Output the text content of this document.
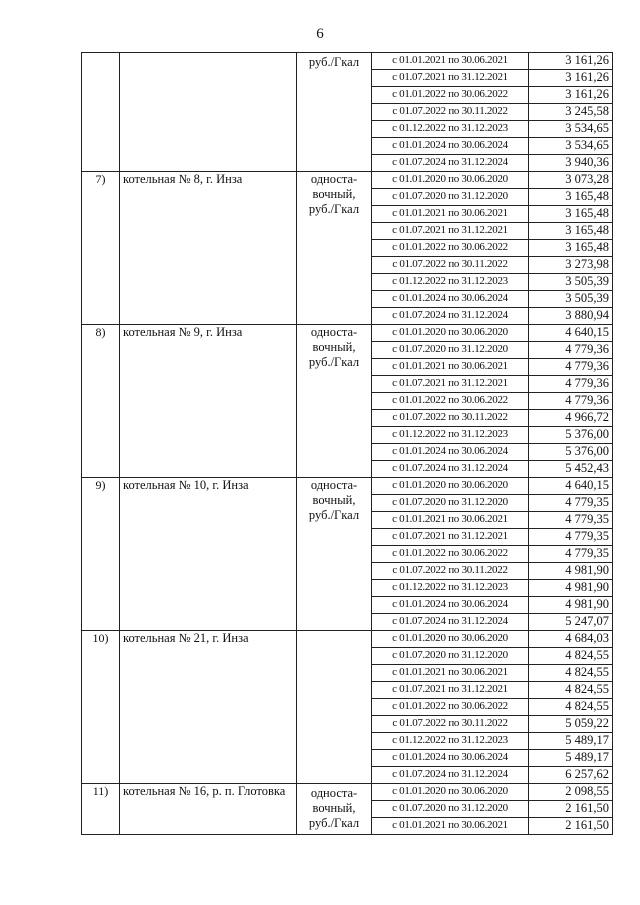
6
		руб./Гкал	с 01.01.2021 по 30.06.2021	3 161,26
			с 01.07.2021 по 31.12.2021	3 161,26
			с 01.01.2022 по 30.06.2022	3 161,26
			с 01.07.2022 по 30.11.2022	3 245,58
			с 01.12.2022 по 31.12.2023	3 534,65
			с 01.01.2024 по 30.06.2024	3 534,65
			с 01.07.2024 по 31.12.2024	3 940,36
7)	котельная № 8, г. Инза	односта-вочный, руб./Гкал	с 01.01.2020 по 30.06.2020	3 073,28
			с 01.07.2020 по 31.12.2020	3 165,48
			с 01.01.2021 по 30.06.2021	3 165,48
			с 01.07.2021 по 31.12.2021	3 165,48
			с 01.01.2022 по 30.06.2022	3 165,48
			с 01.07.2022 по 30.11.2022	3 273,98
			с 01.12.2022 по 31.12.2023	3 505,39
			с 01.01.2024 по 30.06.2024	3 505,39
			с 01.07.2024 по 31.12.2024	3 880,94
8)	котельная № 9, г. Инза	односта-вочный, руб./Гкал	с 01.01.2020 по 30.06.2020	4 640,15
			с 01.07.2020 по 31.12.2020	4 779,36
			с 01.01.2021 по 30.06.2021	4 779,36
			с 01.07.2021 по 31.12.2021	4 779,36
			с 01.01.2022 по 30.06.2022	4 779,36
			с 01.07.2022 по 30.11.2022	4 966,72
			с 01.12.2022 по 31.12.2023	5 376,00
			с 01.01.2024 по 30.06.2024	5 376,00
			с 01.07.2024 по 31.12.2024	5 452,43
9)	котельная № 10, г. Инза	односта-вочный, руб./Гкал	с 01.01.2020 по 30.06.2020	4 640,15
			с 01.07.2020 по 31.12.2020	4 779,35
			с 01.01.2021 по 30.06.2021	4 779,35
			с 01.07.2021 по 31.12.2021	4 779,35
			с 01.01.2022 по 30.06.2022	4 779,35
			с 01.07.2022 по 30.11.2022	4 981,90
			с 01.12.2022 по 31.12.2023	4 981,90
			с 01.01.2024 по 30.06.2024	4 981,90
			с 01.07.2024 по 31.12.2024	5 247,07
10)	котельная № 21, г. Инза		с 01.01.2020 по 30.06.2020	4 684,03
			с 01.07.2020 по 31.12.2020	4 824,55
			с 01.01.2021 по 30.06.2021	4 824,55
			с 01.07.2021 по 31.12.2021	4 824,55
			с 01.01.2022 по 30.06.2022	4 824,55
			с 01.07.2022 по 30.11.2022	5 059,22
			с 01.12.2022 по 31.12.2023	5 489,17
			с 01.01.2024 по 30.06.2024	5 489,17
			с 01.07.2024 по 31.12.2024	6 257,62
11)	котельная № 16, р. п. Глотовка	односта-вочный, руб./Гкал	с 01.01.2020 по 30.06.2020	2 098,55
			с 01.07.2020 по 31.12.2020	2 161,50
			с 01.01.2021 по 30.06.2021	2 161,50
